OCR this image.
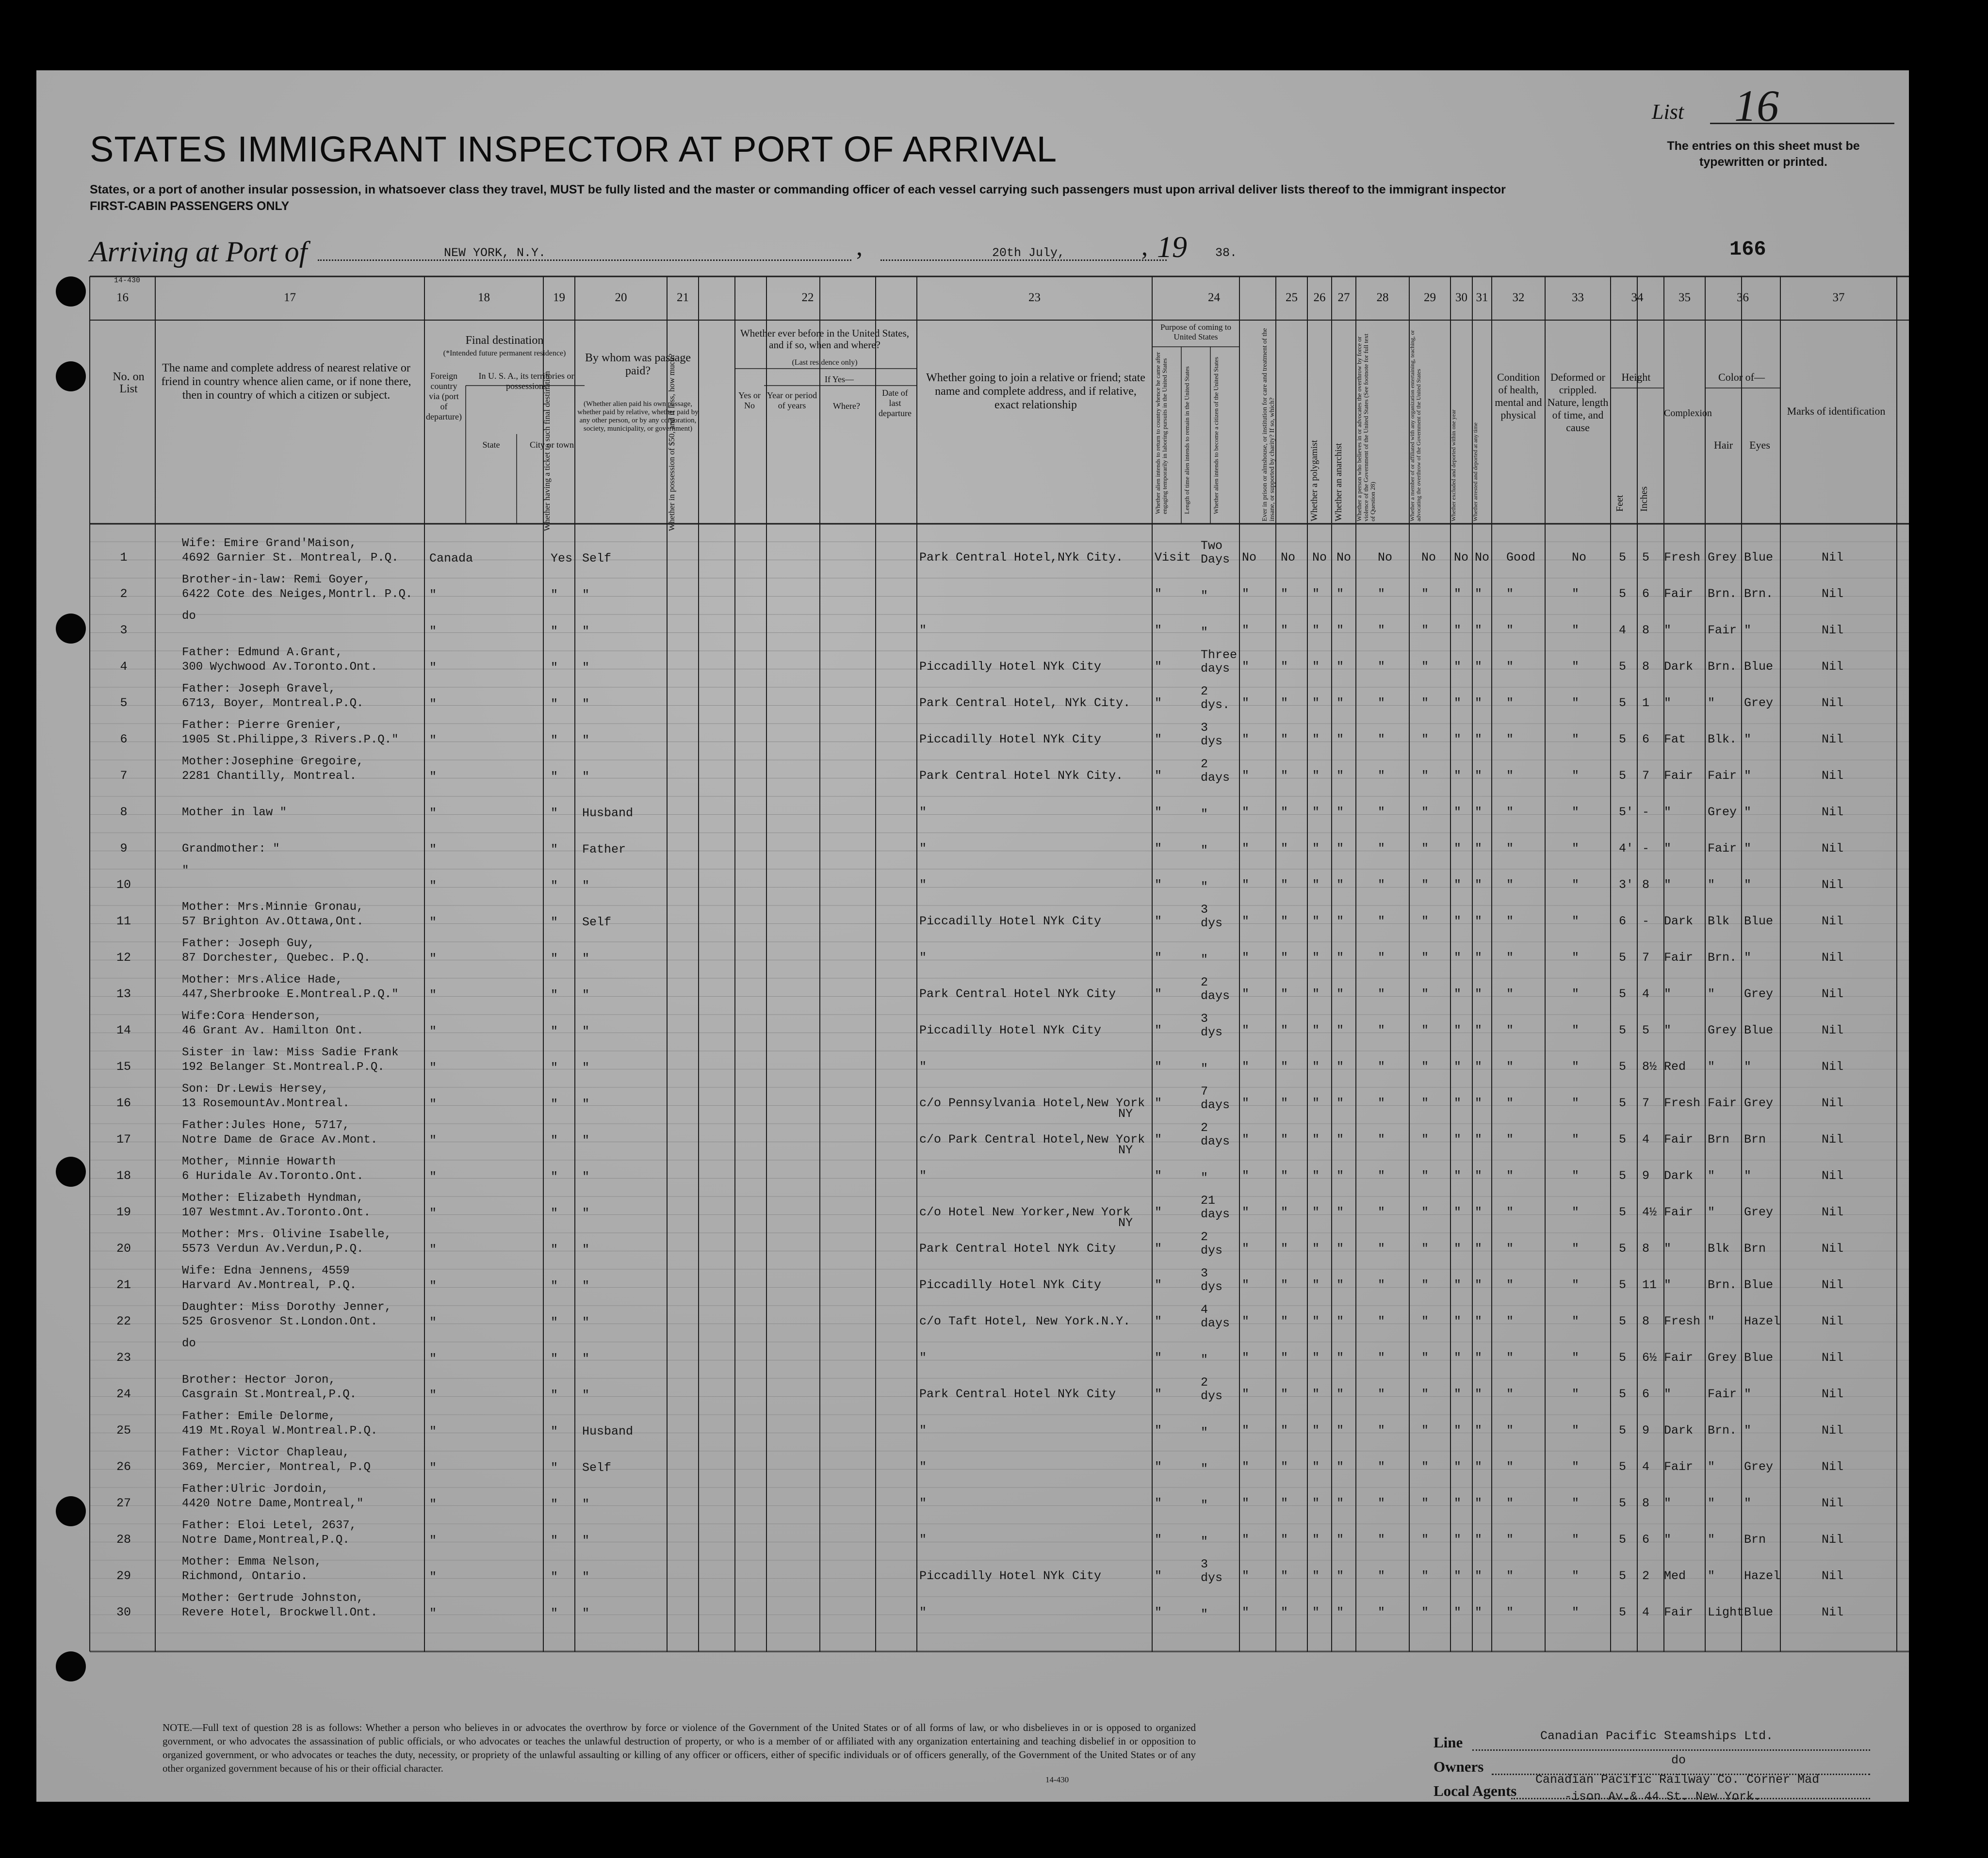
List 16
The entries on this sheet must be typewritten or printed.
STATES IMMIGRANT INSPECTOR AT PORT OF ARRIVAL
States, or a port of another insular possession, in whatsoever class they travel, MUST be fully listed and the master or commanding officer of each vessel carrying such passengers must upon arrival deliver lists thereof to the immigrant inspector
FIRST-CABIN PASSENGERS ONLY
Arriving at Port of	NEW YORK, N.Y.	,	20th July,	, 19 38.	166
14-430
16	17	18	19	20	21	22	23	24	25	26	27	28	29	30 31	32	33	34	35	36	37
No. on List
The name and complete address of nearest relative or friend in country whence alien came, or if none there, then in country of which a citizen or subject.
Final destination
(*Intended future permanent residence)
Foreign country via (port of departure)
In U. S. A., its territories or possessions
State	City or town
Whether having a ticket to such final destination
By whom was passage paid?
(Whether alien paid his own passage, whether paid by relative, whether paid by any other person, or by any corporation, society, municipality, or government)
Whether in possession of $50, and if less, how much?
Whether ever before in the United States, and if so, when and where?
(Last residence only)
Yes or No
If Yes—
Year or period of years	Where?
Date of last departure
Whether going to join a relative or friend; state name and complete address, and if relative, exact relationship
Purpose of coming to United States
Whether alien intends to return to country whence he came after engaging temporarily in laboring pursuits in the United States	Length of time alien intends to remain in the United States	Whether alien intends to become a citizen of the United States	Ever in prison or almshouse, or institution for care and treatment of the insane, or supported by charity? If so, which?	Whether a polygamist	Whether an anarchist	Whether a person who believes in or advocates the overthrow by force or violence of the Government of the United States (See footnote for full text of Question 28)	Whether a member of or affiliated with any organization entertaining, teaching, or advocating the overthrow of the Government of the United States	Whether excluded and deported within one year	Whether arrested and deported at any time
Condition of health, mental and physical
Deformed or crippled. Nature, length of time, and cause
Height
Feet	Inches
Complexion
Color of—
Hair	Eyes
Marks of identification
1
Wife: Emire Grand'Maison,
4692 Garnier St. Montreal, P.Q.	Canada	Yes Self	Park Central Hotel,NYk City.	Visit
Two
Days No No No No No No No No Good	No	5 5 Fresh Grey Blue	Nil
2
Brother-in-law: Remi Goyer,
6422 Cote des Neiges,Montrl. P.Q. "	" "	"	"	"	" " "	"	" " " "	"	5 6 Fair Brn. Brn.	Nil
3
do
"	" "	"	"	"	"	" " "	"	" " " "	"	4 8 "	Fair "	Nil
4
Father: Edmund A.Grant,
300 Wychwood Av.Toronto.Ont.	"	" "	Piccadilly Hotel NYk City	"
Three
days "	" " "	"	" " " "	"	5 8 Dark Brn. Blue	Nil
5
Father: Joseph Gravel,
6713, Boyer, Montreal.P.Q.	"	" "	Park Central Hotel, NYk City. "
2
dys. "	" " "	"	" " " "	"	5 1 "	" Grey	Nil
6
Father: Pierre Grenier,
1905 St.Philippe,3 Rivers.P.Q."	"	" "	Piccadilly Hotel NYk City	"
3
dys "	" " "	"	" " " "	"	5 6 Fat Blk. "	Nil
7
Mother:Josephine Gregoire,
2281 Chantilly, Montreal.	"	" "	Park Central Hotel NYk City.	"
2
days "	" " "	"	" " " "	"	5 7 Fair Fair "	Nil
8	Mother in law "	"	" Husband	"	"	"	"	" " "	"	" " " "	"	5' - "	Grey "	Nil
9	Grandmother: "	"	" Father	"	"	"	"	" " "	"	" " " "	"	4' - "	Fair "	Nil
10
"
"	" "	"	"	"	"	" " "	"	" " " "	"	3' 8 "	" "	Nil
11
Mother: Mrs.Minnie Gronau,
57 Brighton Av.Ottawa,Ont.	"	" Self	Piccadilly Hotel NYk City	"
3
dys "	" " "	"	" " " "	"	6 - Dark Blk Blue	Nil
12
Father: Joseph Guy,
87 Dorchester, Quebec. P.Q.	"	" "	"	"	"	"	" " "	"	" " " "	"	5 7 Fair Brn. "	Nil
13
Mother: Mrs.Alice Hade,
447,Sherbrooke E.Montreal.P.Q."	"	" "	Park Central Hotel NYk City	"
2
days "	" " "	"	" " " "	"	5 4 "	" Grey	Nil
14
Wife:Cora Henderson,
46 Grant Av. Hamilton Ont.	"	" "	Piccadilly Hotel NYk City	"
3
dys "	" " "	"	" " " "	"	5 5 "	Grey Blue	Nil
15
Sister in law: Miss Sadie Frank
192 Belanger St.Montreal.P.Q.	"	" "	"	"	"	"	" " "	"	" " " "	"	5 8½ Red " "	Nil
16
Son: Dr.Lewis Hersey,
13 RosemountAv.Montreal.	"	" "	c/o Pennsylvania Hotel,New York
NY
"
7
days "	" " "	"	" " " "	"	5 7 Fresh Fair Grey	Nil
17
Father:Jules Hone, 5717,
Notre Dame de Grace Av.Mont.	"	" "	c/o Park Central Hotel,New York
NY
"
2
days "	" " "	"	" " " "	"	5 4 Fair Brn Brn	Nil
18
Mother, Minnie Howarth
6 Huridale Av.Toronto.Ont.	"	" "	"	"	"	"	" " "	"	" " " "	"	5 9 Dark " "	Nil
19
Mother: Elizabeth Hyndman,
107 Westmnt.Av.Toronto.Ont.	"	" "	c/o Hotel New Yorker,New York
NY
"
21
days "	" " "	"	" " " "	"	5 4½ Fair " Grey	Nil
20
Mother: Mrs. Olivine Isabelle,
5573 Verdun Av.Verdun,P.Q.	"	" "	Park Central Hotel NYk City	"
2
dys "	" " "	"	" " " "	"	5 8 "	Blk Brn	Nil
21
Wife: Edna Jennens, 4559
Harvard Av.Montreal, P.Q.	"	" "	Piccadilly Hotel NYk City	"
3
dys "	" " "	"	" " " "	"	5 11 "	Brn. Blue	Nil
22
Daughter: Miss Dorothy Jenner,
525 Grosvenor St.London.Ont.	"	" "	c/o Taft Hotel, New York.N.Y. "
4
days "	" " "	"	" " " "	"	5 8 Fresh " Hazel	Nil
23
do
"	" "	"	"	"	"	" " "	"	" " " "	"	5 6½ Fair Grey Blue	Nil
24
Brother: Hector Joron,
Casgrain St.Montreal,P.Q.	"	" "	Park Central Hotel NYk City	"
2
dys "	" " "	"	" " " "	"	5 6 "	Fair "	Nil
25
Father: Emile Delorme,
419 Mt.Royal W.Montreal.P.Q.	"	" Husband	"	"	"	"	" " "	"	" " " "	"	5 9 Dark Brn. "	Nil
26
Father: Victor Chapleau,
369, Mercier, Montreal, P.Q	"	" Self	"	"	"	"	" " "	"	" " " "	"	5 4 Fair " Grey	Nil
27
Father:Ulric Jordoin,
4420 Notre Dame,Montreal,"	"	" "	"	"	"	"	" " "	"	" " " "	"	5 8 "	" "	Nil
28
Father: Eloi Letel, 2637,
Notre Dame,Montreal,P.Q.	"	" "	"	"	"	"	" " "	"	" " " "	"	5 6 "	" Brn	Nil
29
Mother: Emma Nelson,
Richmond, Ontario.	"	" "	Piccadilly Hotel NYk City	"
3
dys "	" " "	"	" " " "	"	5 2 Med " Hazel	Nil
30
Mother: Gertrude Johnston,
Revere Hotel, Brockwell.Ont.	"	" "	"	"	"	"	" " "	"	" " " "	"	5 4 Fair Light Blue	Nil
NOTE.—Full text of question 28 is as follows: Whether a person who believes in or advocates the overthrow by force or violence of the Government of the United States or of all forms of law, or who disbelieves in or is opposed to organized government, or who advocates the assassination of public officials, or who advocates or teaches the unlawful destruction of property, or who is a member of or affiliated with any organization entertaining and teaching disbelief in or opposition to organized government, or who advocates or teaches the duty, necessity, or propriety of the unlawful assaulting or killing of any officer or officers, either of specific individuals or of officers generally, of the Government of the United States or of any other organized government because of his or their official character.
14-430
Line	Canadian Pacific Steamships Ltd.
Owners	do
Local Agents
Canadian Pacific Railway Co. Corner Mad
-ison Av.& 44 St. New York.
